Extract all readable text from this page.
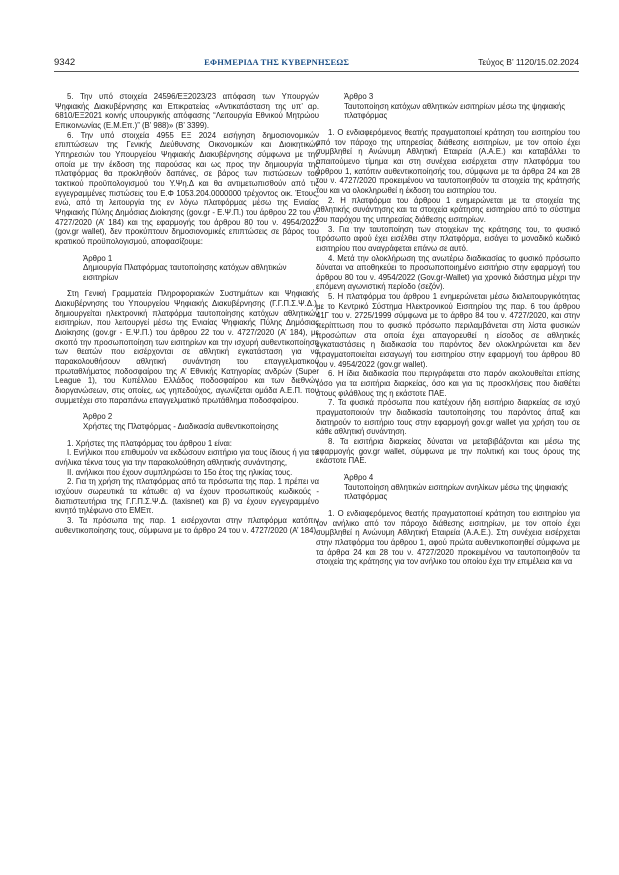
9342	ΕΦΗΜΕΡΙΔΑ ΤΗΣ ΚΥΒΕΡΝΗΣΕΩΣ	Τεύχος B’ 1120/15.02.2024

5. Την υπό στοιχεία 24596/ΕΞ2023/23 απόφαση των Υπουργών Ψηφιακής Διακυβέρνησης και Επικρατείας «Αντικατάσταση της υπ’ αρ. 6810/ΕΞ2021 κοινής υπουργικής απόφασης “Λειτουργία Εθνικού Μητρώου Επικοινωνίας (Ε.Μ.Επ.)” (Β’ 988)» (Β’ 3399).

6. Την υπό στοιχεία 4955 ΕΞ 2024 εισήγηση δημοσιονομικών επιπτώσεων της Γενικής Διεύθυνσης Οικονομικών και Διοικητικών Υπηρεσιών του Υπουργείου Ψηφιακής Διακυβέρνησης σύμφωνα με την οποία με την έκδοση της παρούσας και ως προς την δημιουργία της πλατφόρμας θα προκληθούν δαπάνες, σε βάρος των πιστώσεων του τακτικού προϋπολογισμού του Υ.Ψη.Δ και θα αντιμετωπισθούν από τις εγγεγραμμένες πιστώσεις του Ε.Φ 1053.204.0000000 τρέχοντος οικ. Έτους, ενώ, από τη λειτουργία της εν λόγω πλατφόρμας μέσω της Ενιαίας Ψηφιακής Πύλης Δημόσιας Διοίκησης (gov.gr - Ε.Ψ.Π.) του άρθρου 22 του ν. 4727/2020 (Α’ 184) και της εφαρμογής του άρθρου 80 του ν. 4954/2022 (gov.gr wallet), δεν προκύπτουν δημοσιονομικές επιπτώσεις σε βάρος του κρατικού προϋπολογισμού, αποφασίζουμε:

Άρθρο 1

Δημιουργία Πλατφόρμας ταυτοποίησης κατόχων αθλητικών εισιτηρίων

Στη Γενική Γραμματεία Πληροφοριακών Συστημάτων και Ψηφιακής Διακυβέρνησης του Υπουργείου Ψηφιακής Διακυβέρνησης (Γ.Γ.Π.Σ.Ψ.Δ.), δημιουργείται ηλεκτρονική πλατφόρμα ταυτοποίησης κατόχων αθλητικών εισιτηρίων, που λειτουργεί μέσω της Ενιαίας Ψηφιακής Πύλης Δημόσιας Διοίκησης (gov.gr - Ε.Ψ.Π.) του άρθρου 22 του ν. 4727/2020 (Α’ 184), με σκοπό την προσωποποίηση των εισιτηρίων και την ισχυρή αυθεντικοποίηση των θεατών που εισέρχονται σε αθλητική εγκατάσταση για να παρακολουθήσουν αθλητική συνάντηση του επαγγελματικού πρωταθλήματος ποδοσφαίρου της Α’ Εθνικής Κατηγορίας ανδρών (Super League 1), του Κυπέλλου Ελλάδος ποδοσφαίρου και των διεθνών διοργανώσεων, στις οποίες, ως γηπεδούχος, αγωνίζεται ομάδα Α.Ε.Π. που συμμετέχει στο παραπάνω επαγγελματικό πρωτάθλημα ποδοσφαίρου.

Άρθρο 2

Χρήστες της Πλατφόρμας - Διαδικασία αυθεντικοποίησης

1. Χρήστες της πλατφόρμας του άρθρου 1 είναι:

I. Ενήλικοι που επιθυμούν να εκδώσουν εισιτήριο για τους ίδιους ή για τα ανήλικα τέκνα τους για την παρακολούθηση αθλητικής συνάντησης,

II. ανήλικοι που έχουν συμπληρώσει το 15ο έτος της ηλικίας τους.

2. Για τη χρήση της πλατφόρμας από τα πρόσωπα της παρ. 1 πρέπει να ισχύουν σωρευτικά τα κάτωθι: α) να έχουν προσωπικούς κωδικούς - διαπιστευτήρια της Γ.Γ.Π.Σ.Ψ.Δ. (taxisnet) και β) να έχουν εγγεγραμμένο κινητό τηλέφωνο στο ΕΜΕπ.

3. Τα πρόσωπα της παρ. 1 εισέρχονται στην πλατφόρμα κατόπιν αυθεντικοποίησης τους, σύμφωνα με το άρθρο 24 του ν. 4727/2020 (Α’ 184).

Άρθρο 3

Ταυτοποίηση κατόχων αθλητικών εισιτηρίων μέσω της ψηφιακής πλατφόρμας

1. Ο ενδιαφερόμενος θεατής πραγματοποιεί κράτηση του εισιτηρίου του από τον πάροχο της υπηρεσίας διάθεσης εισιτηρίων, με τον οποίο έχει συμβληθεί η Ανώνυμη Αθλητική Εταιρεία (Α.Α.Ε.) και καταβάλλει το απαιτούμενο τίμημα και στη συνέχεια εισέρχεται στην πλατφόρμα του άρθρου 1, κατόπιν αυθεντικοποίησής του, σύμφωνα με τα άρθρα 24 και 28 του ν. 4727/2020 προκειμένου να ταυτοποιηθούν τα στοιχεία της κράτησής του και να ολοκληρωθεί η έκδοση του εισιτηρίου του.

2. Η πλατφόρμα του άρθρου 1 ενημερώνεται με τα στοιχεία της αθλητικής συνάντησης και τα στοιχεία κράτησης εισιτηρίου από το σύστημα του παρόχου της υπηρεσίας διάθεσης εισιτηρίων.

3. Για την ταυτοποίηση των στοιχείων της κράτησης του, το φυσικό πρόσωπο αφού έχει εισέλθει στην πλατφόρμα, εισάγει το μοναδικό κωδικό εισιτηρίου που αναγράφεται επάνω σε αυτό.

4. Μετά την ολοκλήρωση της ανωτέρω διαδικασίας το φυσικό πρόσωπο δύναται να αποθηκεύει το προσωποποιημένο εισιτήριο στην εφαρμογή του άρθρου 80 του ν. 4954/2022 (Gov.gr-Wallet) για χρονικό διάστημα μέχρι την επόμενη αγωνιστική περίοδο (σεζόν).

5. Η πλατφόρμα του άρθρου 1 ενημερώνεται μέσω διαλειτουργικότητας με το Κεντρικό Σύστημα Ηλεκτρονικού Εισιτηρίου της παρ. 6 του άρθρου 41Γ του ν. 2725/1999 σύμφωνα με το άρθρο 84 του ν. 4727/2020, και στην περίπτωση που το φυσικό πρόσωπο περιλαμβάνεται στη λίστα φυσικών προσώπων στα οποία έχει απαγορευθεί η είσοδος σε αθλητικές εγκαταστάσεις η διαδικασία του παρόντος δεν ολοκληρώνεται και δεν πραγματοποιείται εισαγωγή του εισιτηρίου στην εφαρμογή του άρθρου 80 του ν. 4954/2022 (gov.gr wallet).

6. Η ίδια διαδικασία που περιγράφεται στο παρόν ακολουθείται επίσης τόσο για τα εισιτήρια διαρκείας, όσο και για τις προσκλήσεις που διαθέτει στους φιλάθλους της η εκάστοτε ΠΑΕ.

7. Τα φυσικά πρόσωπα που κατέχουν ήδη εισιτήριο διαρκείας σε ισχύ πραγματοποιούν την διαδικασία ταυτοποίησης του παρόντος άπαξ και διατηρούν το εισιτήριο τους στην εφαρμογή gov.gr wallet για χρήση του σε κάθε αθλητική συνάντηση.

8. Τα εισιτήρια διαρκείας δύναται να μεταβιβάζονται και μέσω της εφαρμογής gov.gr wallet, σύμφωνα με την πολιτική και τους όρους της εκάστοτε ΠΑΕ.

Άρθρο 4

Ταυτοποίηση αθλητικών εισιτηρίων ανηλίκων μέσω της ψηφιακής πλατφόρμας

1. Ο ενδιαφερόμενος θεατής πραγματοποιεί κράτηση του εισιτηρίου για τον ανήλικο από τον πάροχο διάθεσης εισιτηρίων, με τον οποίο έχει συμβληθεί η Ανώνυμη Αθλητική Εταιρεία (Α.Α.Ε.). Στη συνέχεια εισέρχεται στην πλατφόρμα του άρθρου 1, αφού πρώτα αυθεντικοποιηθεί σύμφωνα με τα άρθρα 24 και 28 του ν. 4727/2020 προκειμένου να ταυτοποιηθούν τα στοιχεία της κράτησης για τον ανήλικο του οποίου έχει την επιμέλεια και να
